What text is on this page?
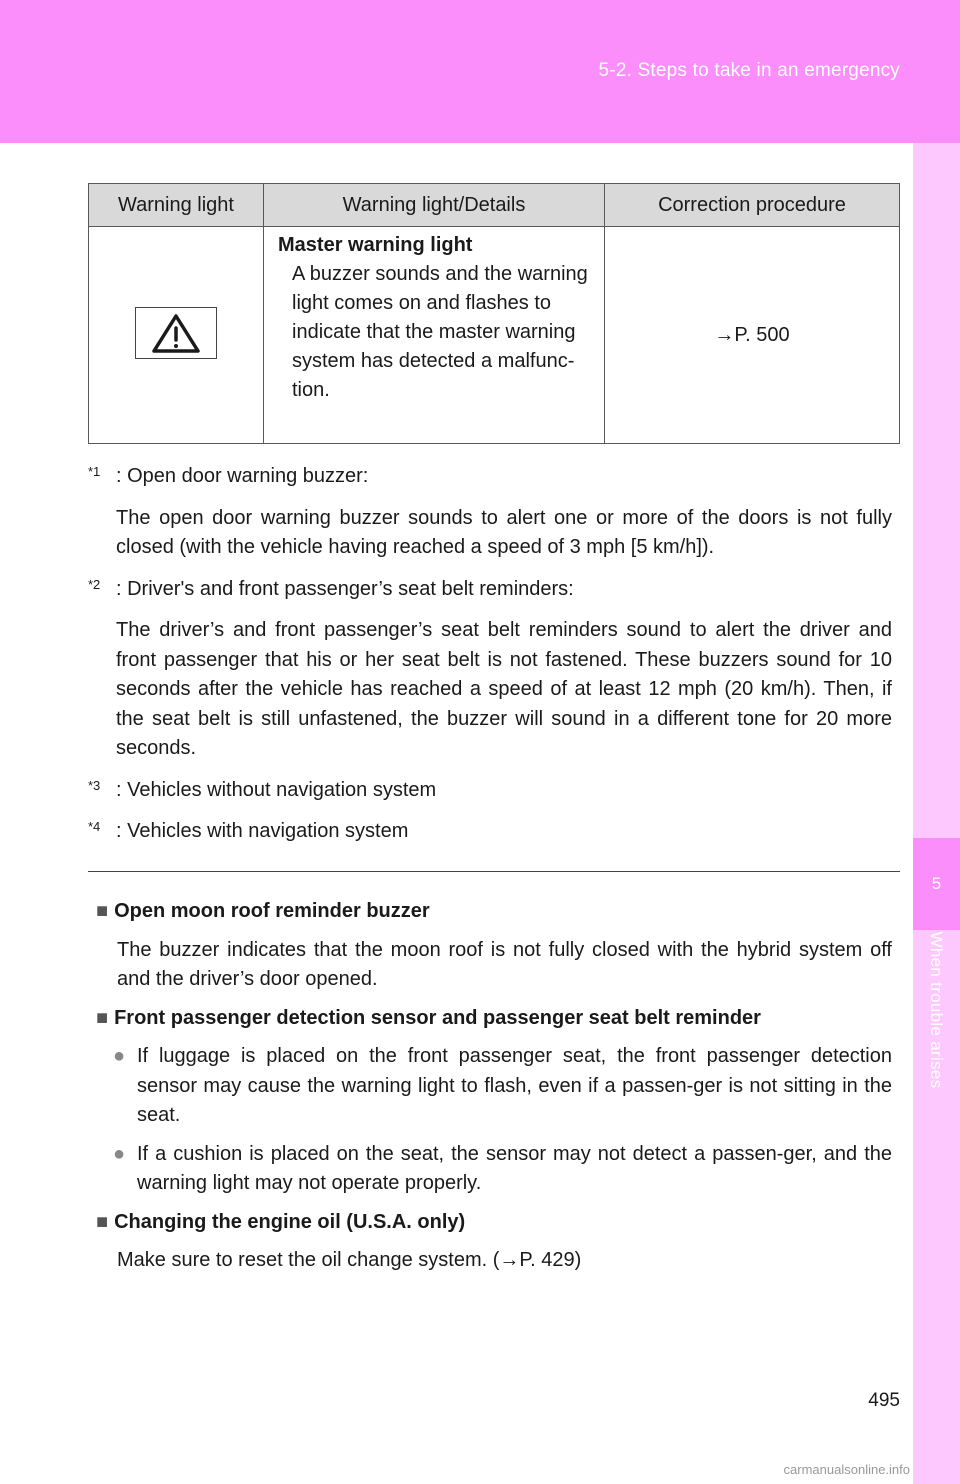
5-2. Steps to take in an emergency
5
When trouble arises
Warning light	Warning light/Details	Correction procedure

Master warning light
A buzzer sounds and the warning light comes on and flashes to indicate that the master warning system has detected a malfunc-tion.	→P. 500
*1 : Open door warning buzzer:
The open door warning buzzer sounds to alert one or more of the doors is not fully closed (with the vehicle having reached a speed of 3 mph [5 km/h]).
*2 : Driver's and front passenger’s seat belt reminders:
The driver’s and front passenger’s seat belt reminders sound to alert the driver and front passenger that his or her seat belt is not fastened. These buzzers sound for 10 seconds after the vehicle has reached a speed of at least 12 mph (20 km/h). Then, if the seat belt is still unfastened, the buzzer will sound in a different tone for 20 more seconds.
*3 : Vehicles without navigation system
*4 : Vehicles with navigation system
■ Open moon roof reminder buzzer
The buzzer indicates that the moon roof is not fully closed with the hybrid system off and the driver’s door opened.
■ Front passenger detection sensor and passenger seat belt reminder
● If luggage is placed on the front passenger seat, the front passenger detection sensor may cause the warning light to flash, even if a passen-ger is not sitting in the seat.
● If a cushion is placed on the seat, the sensor may not detect a passen-ger, and the warning light may not operate properly.
■ Changing the engine oil (U.S.A. only)
Make sure to reset the oil change system. (→P. 429)
495
carmanualsonline.info
